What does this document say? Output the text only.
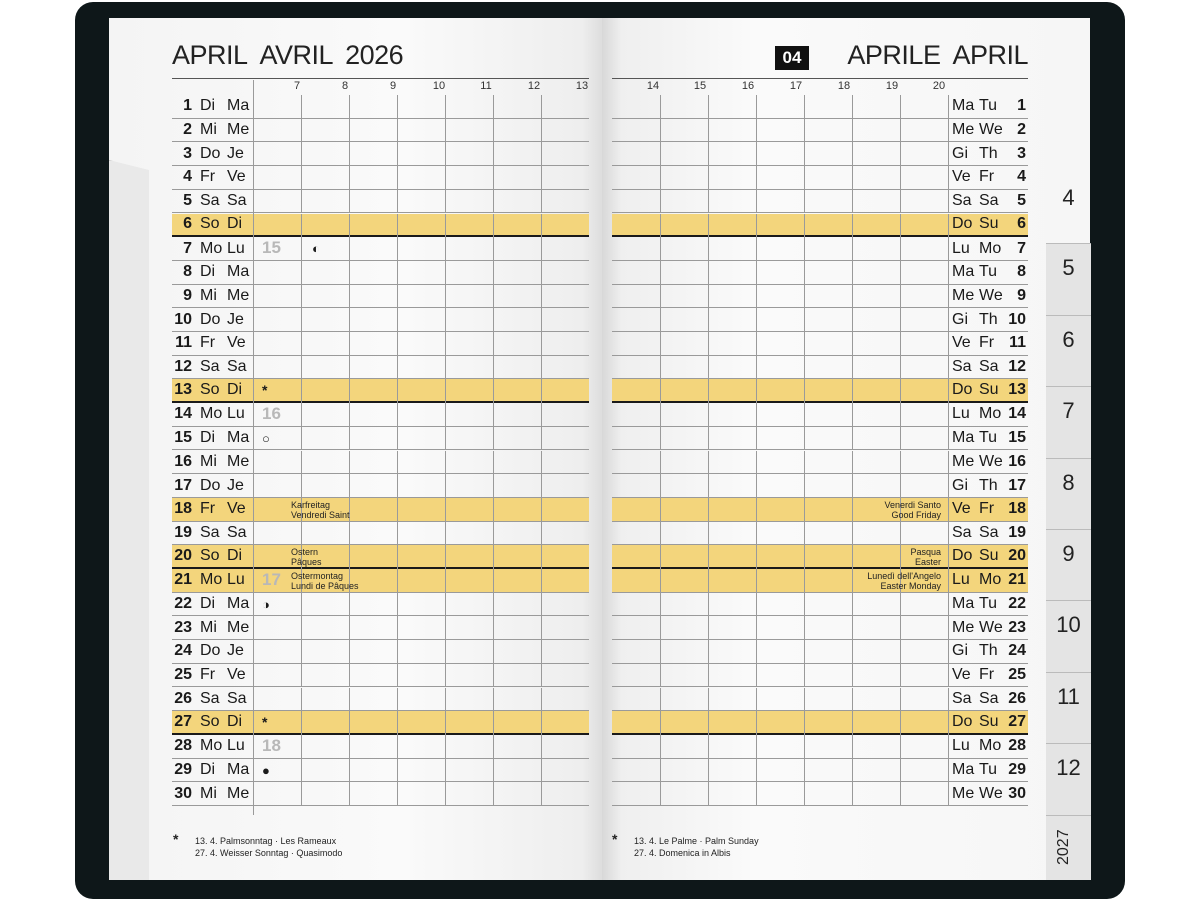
APRIL AVRIL 2026	04	APRILE APRIL
7	8	9	10	11	12	13	14	15	16	17	18	19	20
1 Di Ma
2 Mi Me
3 Do Je
4 Fr Ve
5 Sa Sa
6 So Di
7 Mo Lu 15 ◐
8 Di Ma
9 Mi Me
10 Do Je
11 Fr Ve
12 Sa Sa
13 So Di *
14 Mo Lu 16
15 Di Ma ○
16 Mi Me
17 Do Je
18 Fr Ve	Karfreitag
Vendredi Saint
19 Sa Sa
20 So Di	Ostern
Pâques
21 Mo Lu 17 Ostermontag
Lundi de Pâques
22 Di Ma ◑
23 Mi Me
24 Do Je
25 Fr Ve
26 Sa Sa
27 So Di *
28 Mo Lu 18
29 Di Ma ●
30 Mi Me
Ma Tu	1
Me We 2
Gi Th	3
Ve Fr	4
Sa Sa	5
Do Su	6
Lu Mo 7
Ma Tu	8
Me We 9
Gi Th 10
Ve Fr 11
Sa Sa 12
Do Su 13
Lu Mo 14
Ma Tu 15
Me We 16
Gi Th 17
Ve Fr 18
Venerdi Santo
Good Friday
Sa Sa 19
Do Su 20
Pasqua
Easter
Lu Mo 21
Lunedì dell'Angelo
Easter Monday
Ma Tu 22
Me We 23
Gi Th 24
Ve Fr 25
Sa Sa 26
Do Su 27
Lu Mo 28
Ma Tu 29
Me We 30
* 13. 4. Palmsonntag · Les Rameaux
27. 4. Weisser Sonntag · Quasimodo
* 13. 4. Le Palme · Palm Sunday
27. 4. Domenica in Albis
4
5
6
7
8
9
10
11
12
2027
